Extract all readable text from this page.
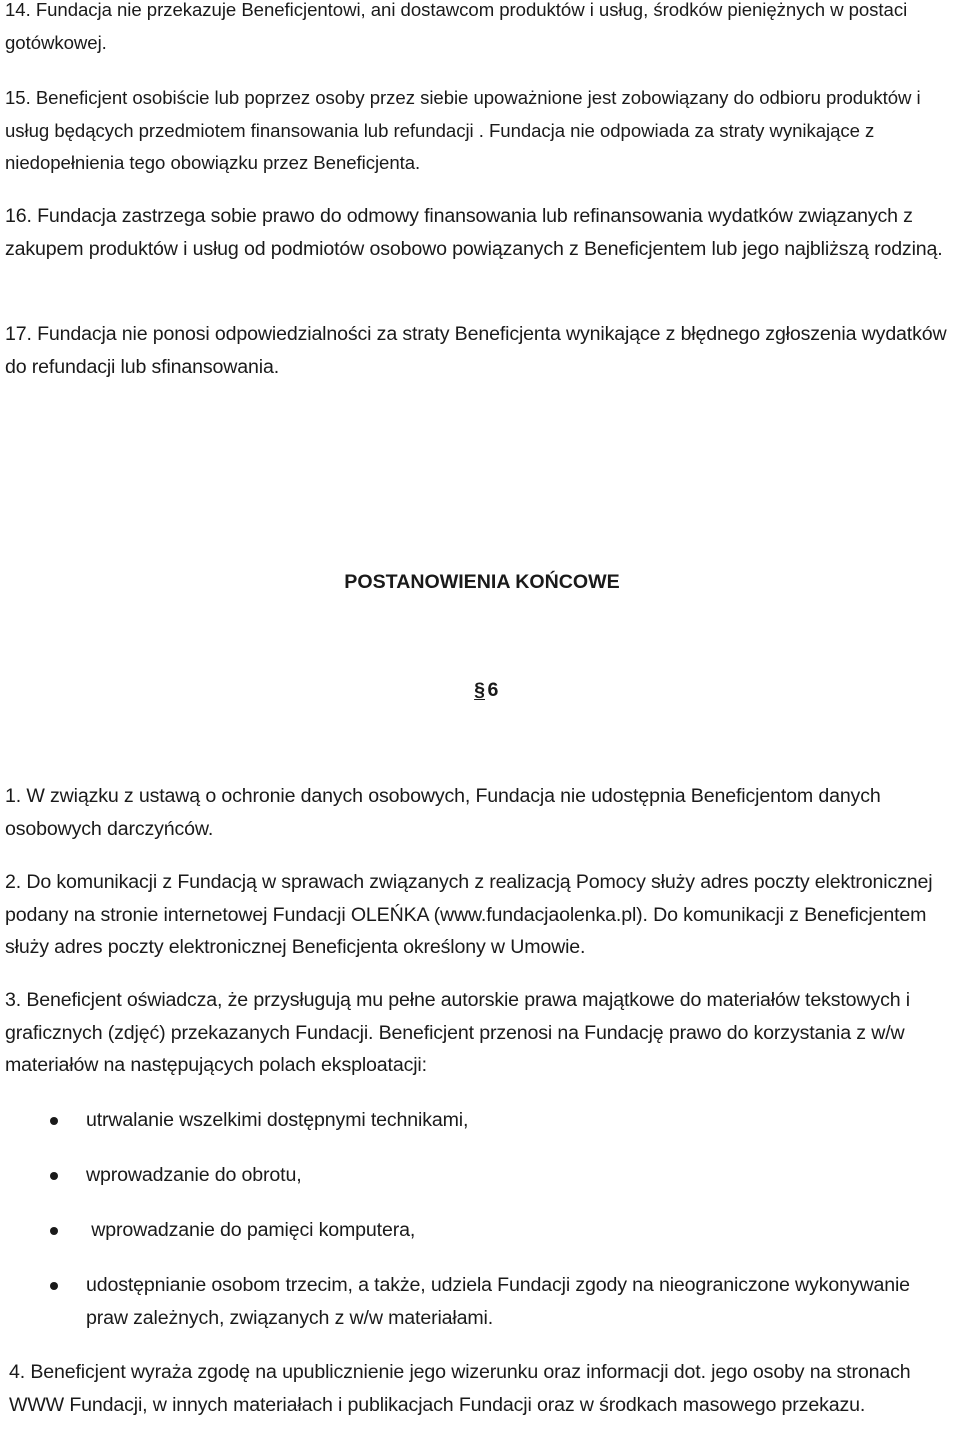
14. Fundacja nie przekazuje Beneficjentowi, ani dostawcom produktów i usług, środków pieniężnych w postaci gotówkowej.

15. Beneficjent osobiście lub poprzez osoby przez siebie upoważnione jest zobowiązany do odbioru produktów i usług będących przedmiotem finansowania lub refundacji . Fundacja nie odpowiada za straty wynikające z niedopełnienia tego obowiązku przez Beneficjenta.

16. Fundacja zastrzega sobie prawo do odmowy finansowania lub refinansowania wydatków związanych z zakupem produktów i usług od podmiotów osobowo powiązanych z Beneficjentem lub jego najbliższą rodziną.

17. Fundacja nie ponosi odpowiedzialności za straty Beneficjenta wynikające z błędnego zgłoszenia wydatków do refundacji lub sfinansowania.

POSTANOWIENIA KOŃCOWE

§ 6

1. W związku z ustawą o ochronie danych osobowych, Fundacja nie udostępnia Beneficjentom danych osobowych darczyńców.

2. Do komunikacji z Fundacją w sprawach związanych z realizacją Pomocy służy adres poczty elektronicznej podany na stronie internetowej Fundacji OLEŃKA (www.fundacjaolenka.pl). Do komunikacji z Beneficjentem służy adres poczty elektronicznej Beneficjenta określony w Umowie.

3. Beneficjent oświadcza, że przysługują mu pełne autorskie prawa majątkowe do materiałów tekstowych i graficznych (zdjęć) przekazanych Fundacji. Beneficjent przenosi na Fundację prawo do korzystania z w/w materiałów na następujących polach eksploatacji:

utrwalanie wszelkimi dostępnymi technikami,
wprowadzanie do obrotu,
wprowadzanie do pamięci komputera,
udostępnianie osobom trzecim, a także, udziela Fundacji zgody na nieograniczone wykonywanie praw zależnych, związanych z w/w materiałami.

4. Beneficjent wyraża zgodę na upublicznienie jego wizerunku oraz informacji dot. jego osoby na stronach WWW Fundacji, w innych materiałach i publikacjach Fundacji oraz w środkach masowego przekazu.
